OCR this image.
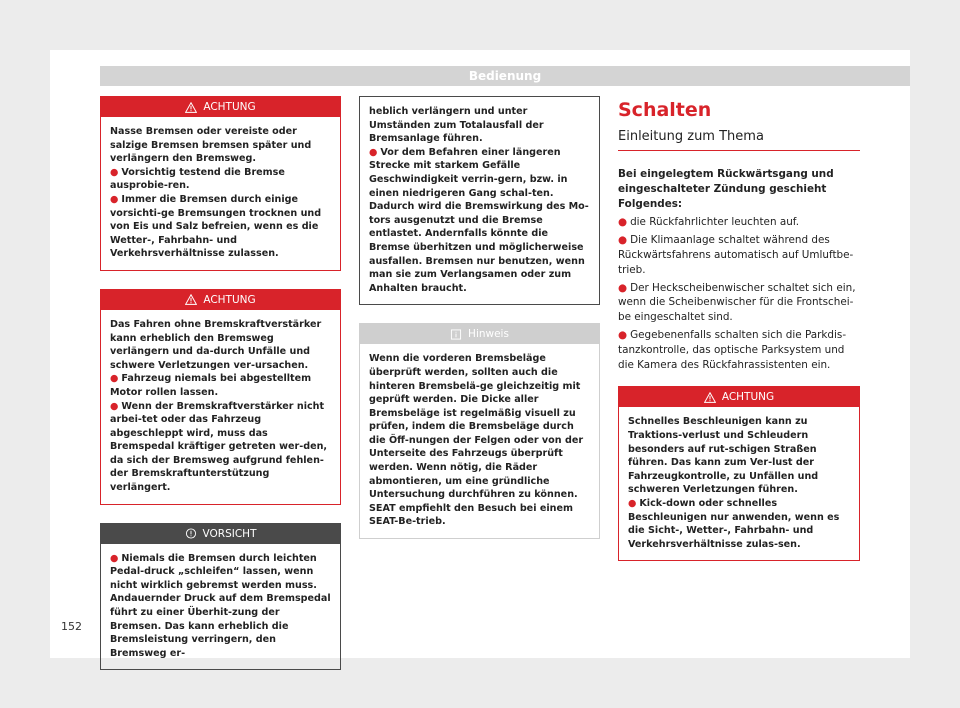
Bedienung
ACHTUNG

Nasse Bremsen oder vereiste oder salzige Bremsen bremsen später und verlängern den Bremsweg.

● Vorsichtig testend die Bremse ausprobie-ren.

● Immer die Bremsen durch einige vorsichti-ge Bremsungen trocknen und von Eis und Salz befreien, wenn es die Wetter-, Fahrbahn- und Verkehrsverhältnisse zulassen.

ACHTUNG

Das Fahren ohne Bremskraftverstärker kann erheblich den Bremsweg verlängern und da-durch Unfälle und schwere Verletzungen ver-ursachen.

● Fahrzeug niemals bei abgestelltem Motor rollen lassen.

● Wenn der Bremskraftverstärker nicht arbei-tet oder das Fahrzeug abgeschleppt wird, muss das Bremspedal kräftiger getreten wer-den, da sich der Bremsweg aufgrund fehlen-der Bremskraftunterstützung verlängert.

VORSICHT

● Niemals die Bremsen durch leichten Pedal-druck „schleifen“ lassen, wenn nicht wirklich gebremst werden muss. Andauernder Druck auf dem Bremspedal führt zu einer Überhit-zung der Bremsen. Das kann erheblich die Bremsleistung verringern, den Bremsweg er-

heblich verlängern und unter Umständen zum Totalausfall der Bremsanlage führen.

● Vor dem Befahren einer längeren Strecke mit starkem Gefälle Geschwindigkeit verrin-gern, bzw. in einen niedrigeren Gang schal-ten. Dadurch wird die Bremswirkung des Mo-tors ausgenutzt und die Bremse entlastet. Andernfalls könnte die Bremse überhitzen und möglicherweise ausfallen. Bremsen nur benutzen, wenn man sie zum Verlangsamen oder zum Anhalten braucht.

Hinweis

Wenn die vorderen Bremsbeläge überprüft werden, sollten auch die hinteren Bremsbelä-ge gleichzeitig mit geprüft werden. Die Dicke aller Bremsbeläge ist regelmäßig visuell zu prüfen, indem die Bremsbeläge durch die Öff-nungen der Felgen oder von der Unterseite des Fahrzeugs überprüft werden. Wenn nötig, die Räder abmontieren, um eine gründliche Untersuchung durchführen zu können. SEAT empfiehlt den Besuch bei einem SEAT-Be-trieb.

Schalten
Einleitung zum Thema
Bei eingelegtem Rückwärtsgang und eingeschalteter Zündung geschieht Folgendes:

● die Rückfahrlichter leuchten auf.

● Die Klimaanlage schaltet während des Rückwärtsfahrens automatisch auf Umluftbe-trieb.

● Der Heckscheibenwischer schaltet sich ein, wenn die Scheibenwischer für die Frontschei-be eingeschaltet sind.

● Gegebenenfalls schalten sich die Parkdis-tanzkontrolle, das optische Parksystem und die Kamera des Rückfahrassistenten ein.

ACHTUNG

Schnelles Beschleunigen kann zu Traktions-verlust und Schleudern besonders auf rut-schigen Straßen führen. Das kann zum Ver-lust der Fahrzeugkontrolle, zu Unfällen und schweren Verletzungen führen.

● Kick-down oder schnelles Beschleunigen nur anwenden, wenn es die Sicht-, Wetter-, Fahrbahn- und Verkehrsverhältnisse zulas-sen.

152
